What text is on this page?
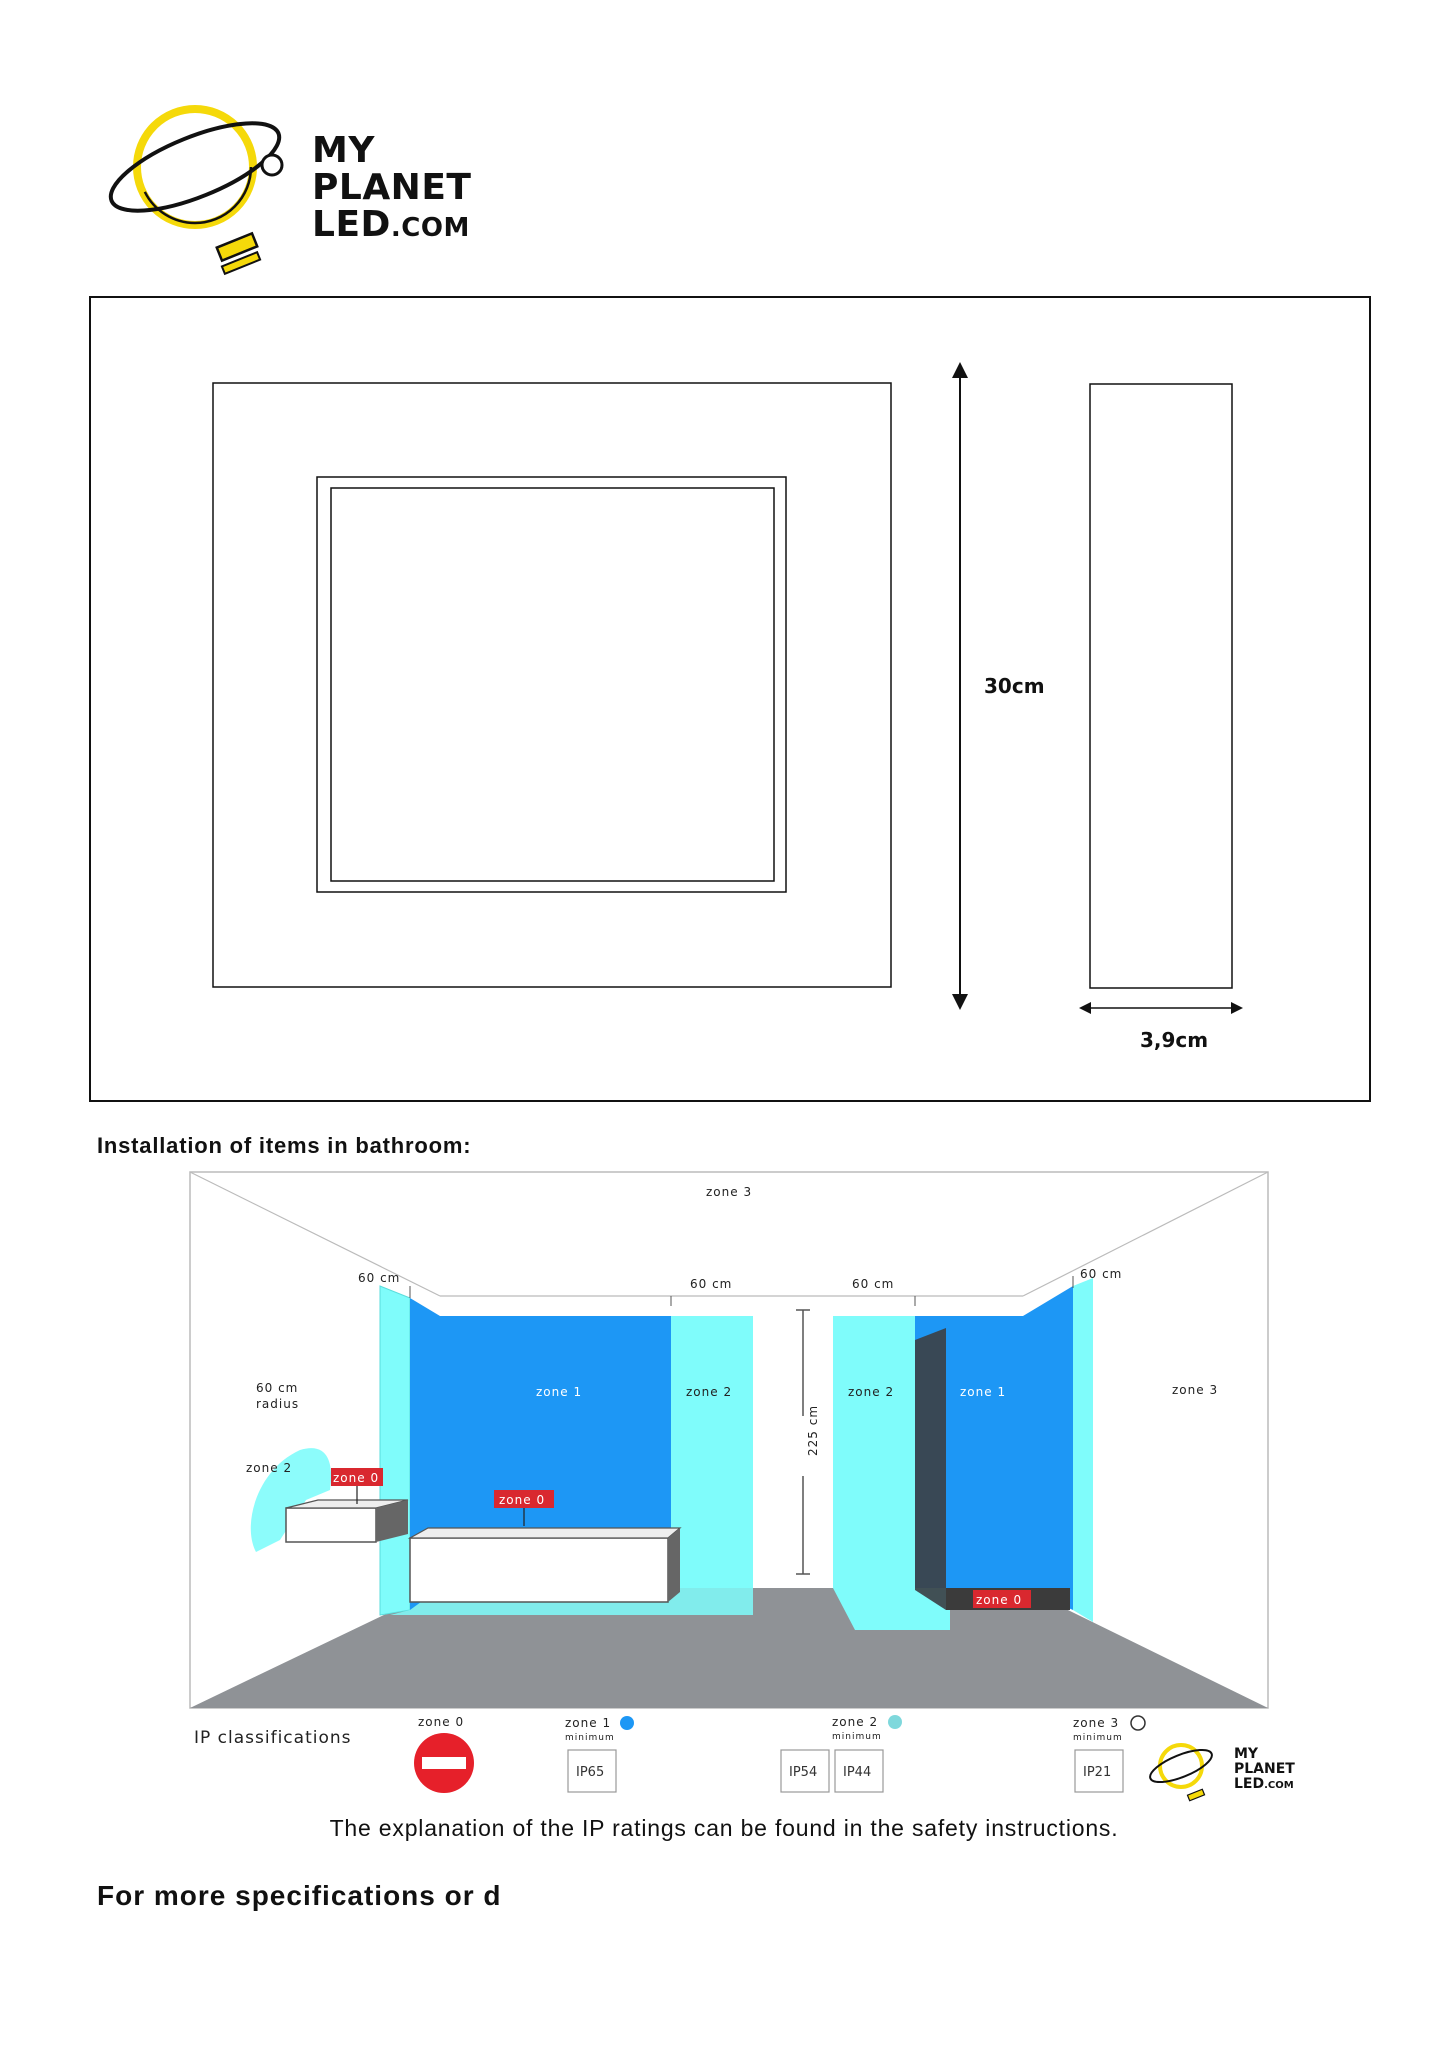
MY
PLANET
LED.COM
30cm
3,9cm
Installation of items in bathroom:
zone 3
zone 3
60 cm	60 cm	60 cm
60 cm
60 cm
radius
zone 2
zone 0
zone 0
zone 0
zone 1	zone 2	zone 2	zone 1
225 cm
IP classifications
zone 0	zone 1
minimum
IP65
zone 2
minimum
IP54 IP44
zone 3
minimum
IP21
MY
PLANET
LED.COM
The explanation of the IP ratings can be found in the safety instructions.
For more specifications or d
